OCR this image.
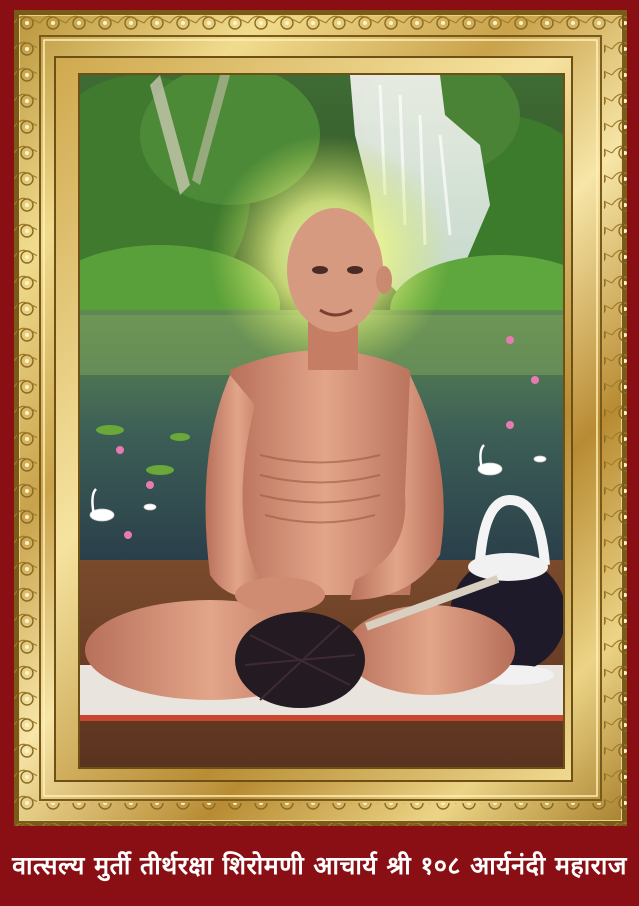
वात्सल्य मुर्ती तीर्थरक्षा शिरोमणी आचार्य श्री १०८ आर्यनंदी महाराज
